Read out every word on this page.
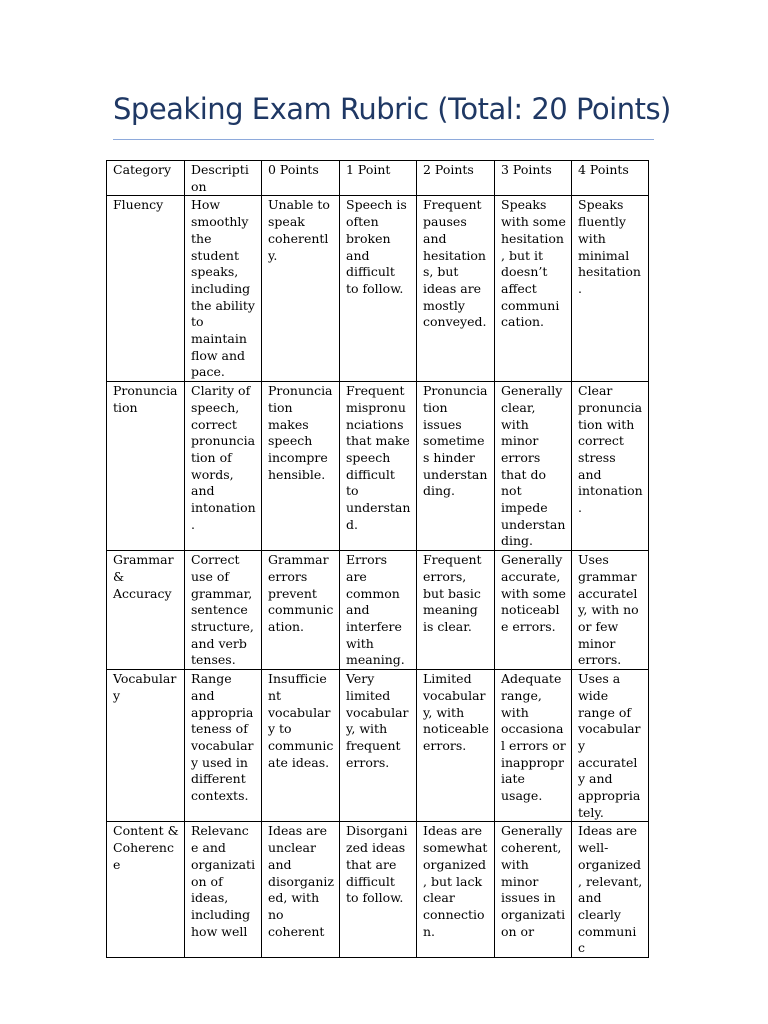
Speaking Exam Rubric (Total: 20 Points)
Category	Description	0 Points	1 Point	2 Points	3 Points	4 Points
Fluency	How smoothly the student speaks, including the ability to maintain flow and pace.	Unable to speak coherently.	Speech is often broken and difficult to follow.	Frequent pauses and hesitations, but ideas are mostly conveyed.	Speaks with some hesitation, but it doesn’t affect communication.	Speaks fluently with minimal hesitation.
Pronunciation	Clarity of speech, correct pronunciation of words, and intonation.	Pronunciation makes speech incomprehensible.	Frequent mispronunciations that make speech difficult to understand.	Pronunciation issues sometimes hinder understanding.	Generally clear, with minor errors that do not impede understanding.	Clear pronunciation with correct stress and intonation.
Grammar & Accuracy	Correct use of grammar, sentence structure, and verb tenses.	Grammar errors prevent communication.	Errors are common and interfere with meaning.	Frequent errors, but basic meaning is clear.	Generally accurate, with some noticeable errors.	Uses grammar accurately, with no or few minor errors.
Vocabulary	Range and appropriateness of vocabulary used in different contexts.	Insufficient vocabulary to communicate ideas.	Very limited vocabulary, with frequent errors.	Limited vocabulary, with noticeable errors.	Adequate range, with occasional errors or inappropriate usage.	Uses a wide range of vocabulary accurately and appropriately.
Content & Coherence	Relevance and organization of ideas, including how well	Ideas are unclear and disorganized, with no coherent	Disorganized ideas that are difficult to follow.	Ideas are somewhat organized, but lack clear connection.	Generally coherent, with minor issues in organization or	Ideas are well-organized, relevant, and clearly communic
